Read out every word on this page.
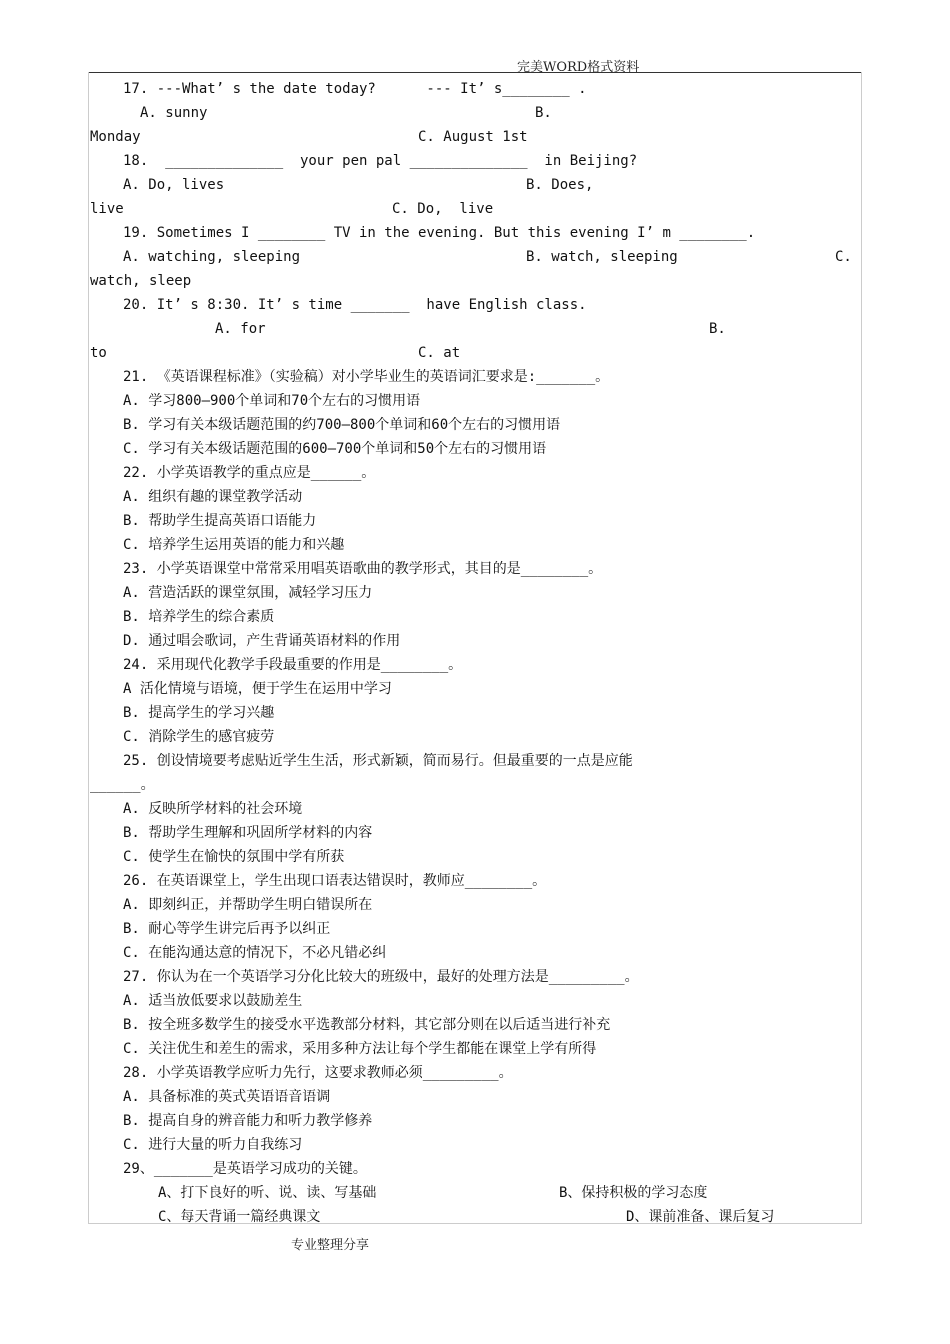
完美WORD格式资料
17. ---What’ s the date today?      --- It’ s________ .
A. sunny	B.
Monday	C. August 1st
18.  ______________  your pen pal ______________  in Beijing?
A. Do, lives	B. Does,
live	C. Do,  live
19. Sometimes I ________ TV in the evening. But this evening I’ m ________.
A. watching, sleeping	B. watch, sleeping	C.
watch, sleep
20. It’ s 8:30. It’ s time _______  have English class.
A. for	B.
to	C. at
21. 《英语课程标准》（实验稿）对小学毕业生的英语词汇要求是:_______。
A. 学习800—900个单词和70个左右的习惯用语
B. 学习有关本级话题范围的约700—800个单词和60个左右的习惯用语
C. 学习有关本级话题范围的600—700个单词和50个左右的习惯用语
22. 小学英语教学的重点应是______。
A. 组织有趣的课堂教学活动
B. 帮助学生提高英语口语能力
C. 培养学生运用英语的能力和兴趣
23. 小学英语课堂中常常采用唱英语歌曲的教学形式，其目的是________。
A. 营造活跃的课堂氛围，减轻学习压力
B. 培养学生的综合素质
D. 通过唱会歌词，产生背诵英语材料的作用
24. 采用现代化教学手段最重要的作用是________。
A 活化情境与语境，便于学生在运用中学习
B. 提高学生的学习兴趣
C. 消除学生的感官疲劳
25. 创设情境要考虑贴近学生生活，形式新颖，简而易行。但最重要的一点是应能
______。
A. 反映所学材料的社会环境
B. 帮助学生理解和巩固所学材料的内容
C. 使学生在愉快的氛围中学有所获
26. 在英语课堂上，学生出现口语表达错误时，教师应________。
A. 即刻纠正，并帮助学生明白错误所在
B. 耐心等学生讲完后再予以纠正
C. 在能沟通达意的情况下，不必凡错必纠
27. 你认为在一个英语学习分化比较大的班级中，最好的处理方法是_________。
A. 适当放低要求以鼓励差生
B. 按全班多数学生的接受水平选教部分材料，其它部分则在以后适当进行补充
C. 关注优生和差生的需求，采用多种方法让每个学生都能在课堂上学有所得
28. 小学英语教学应听力先行，这要求教师必须_________。
A. 具备标准的英式英语语音语调
B. 提高自身的辨音能力和听力教学修养
C. 进行大量的听力自我练习
29、_______是英语学习成功的关键。
A、打下良好的听、说、读、写基础	B、保持积极的学习态度
C、每天背诵一篇经典课文	D、课前准备、课后复习
专业整理分享
